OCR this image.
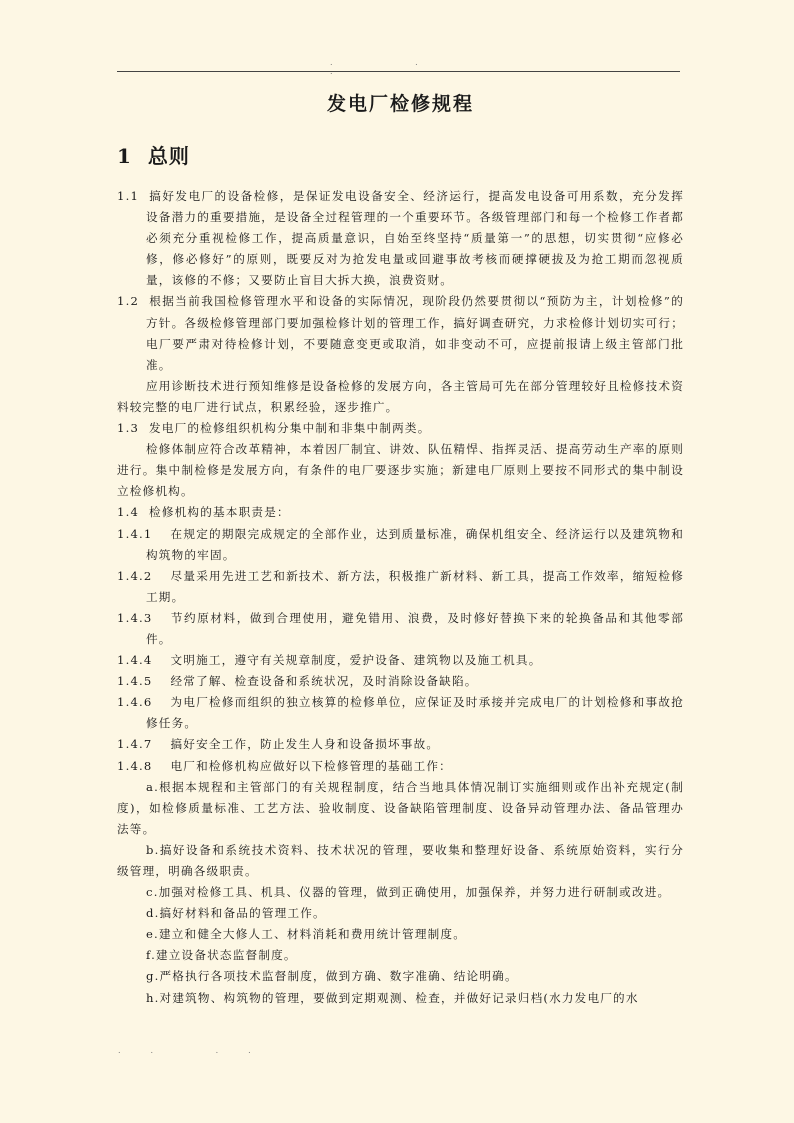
. . .
发电厂检修规程
1 总则

1.1 搞好发电厂的设备检修，是保证发电设备安全、经济运行，提高发电设备可用系数，充分发挥设备潜力的重要措施，是设备全过程管理的一个重要环节。各级管理部门和每一个检修工作者都必须充分重视检修工作，提高质量意识，自始至终坚持“质量第一”的思想，切实贯彻“应修必修，修必修好”的原则，既要反对为抢发电量或回避事故考核而硬撑硬拔及为抢工期而忽视质量，该修的不修；又要防止盲目大拆大换，浪费资财。

1.2 根据当前我国检修管理水平和设备的实际情况，现阶段仍然要贯彻以“预防为主，计划检修”的方针。各级检修管理部门要加强检修计划的管理工作，搞好调查研究，力求检修计划切实可行；电厂要严肃对待检修计划，不要随意变更或取消，如非变动不可，应提前报请上级主管部门批准。

应用诊断技术进行预知维修是设备检修的发展方向，各主管局可先在部分管理较好且检修技术资料较完整的电厂进行试点，积累经验，逐步推广。

1.3 发电厂的检修组织机构分集中制和非集中制两类。

检修体制应符合改革精神，本着因厂制宜、讲效、队伍精悍、指挥灵活、提高劳动生产率的原则进行。集中制检修是发展方向，有条件的电厂要逐步实施；新建电厂原则上要按不同形式的集中制设立检修机构。

1.4 检修机构的基本职责是：

1.4.1 在规定的期限完成规定的全部作业，达到质量标准，确保机组安全、经济运行以及建筑物和构筑物的牢固。

1.4.2 尽量采用先进工艺和新技术、新方法，积极推广新材料、新工具，提高工作效率，缩短检修工期。

1.4.3 节约原材料，做到合理使用，避免错用、浪费，及时修好替换下来的轮换备品和其他零部件。

1.4.4 文明施工，遵守有关规章制度，爱护设备、建筑物以及施工机具。

1.4.5 经常了解、检查设备和系统状况，及时消除设备缺陷。

1.4.6 为电厂检修而组织的独立核算的检修单位，应保证及时承接并完成电厂的计划检修和事故抢修任务。

1.4.7 搞好安全工作，防止发生人身和设备损坏事故。

1.4.8 电厂和检修机构应做好以下检修管理的基础工作：

a.根据本规程和主管部门的有关规程制度，结合当地具体情况制订实施细则或作出补充规定(制度)，如检修质量标准、工艺方法、验收制度、设备缺陷管理制度、设备异动管理办法、备品管理办法等。

b.搞好设备和系统技术资料、技术状况的管理，要收集和整理好设备、系统原始资料，实行分级管理，明确各级职责。

c.加强对检修工具、机具、仪器的管理，做到正确使用，加强保养，并努力进行研制或改进。

d.搞好材料和备品的管理工作。

e.建立和健全大修人工、材料消耗和费用统计管理制度。

f.建立设备状态监督制度。

g.严格执行各项技术监督制度，做到方确、数字准确、结论明确。

h.对建筑物、构筑物的管理，要做到定期观测、检查，并做好记录归档(水力发电厂的水

.. ..
